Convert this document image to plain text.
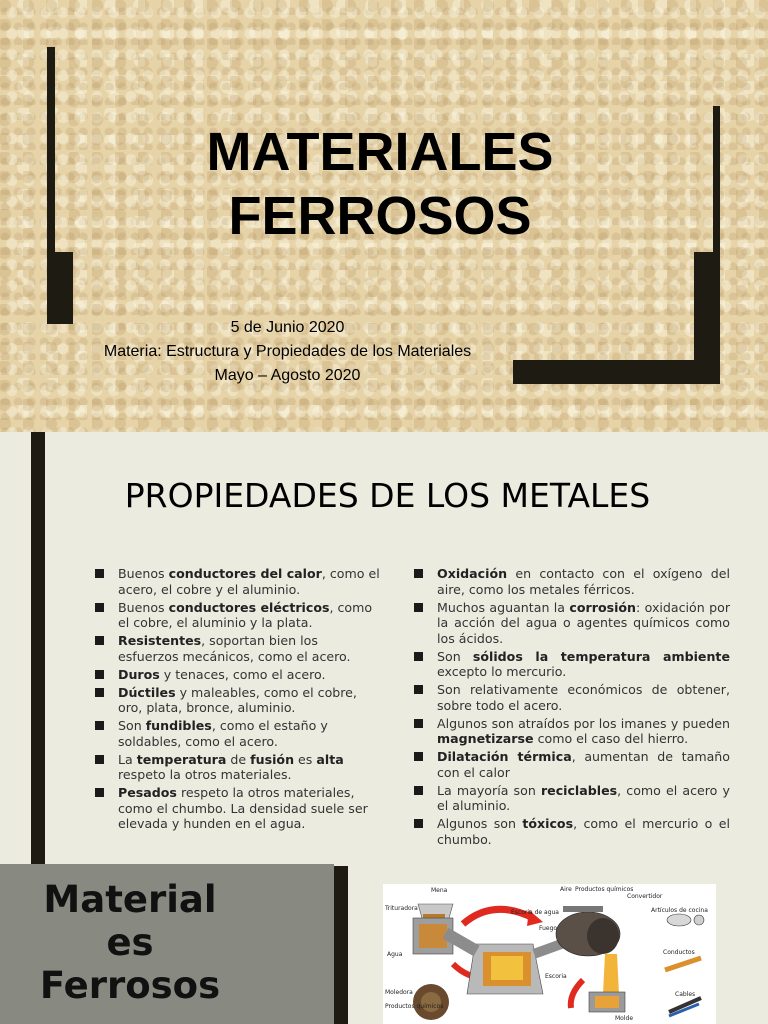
MATERIALES
FERROSOS
5 de Junio 2020
Materia: Estructura y Propiedades de los Materiales
Mayo – Agosto 2020
PROPIEDADES DE LOS METALES
Buenos conductores del calor, como el acero, el cobre y el aluminio.
Buenos conductores eléctricos, como el cobre, el aluminio y la plata.
Resistentes, soportan bien los esfuerzos mecánicos, como el acero.
Duros y tenaces, como el acero.
Dúctiles y maleables, como el cobre, oro, plata, bronce, aluminio.
Son fundibles, como el estaño y soldables, como el acero.
La temperatura de fusión es alta respeto la otros materiales.
Pesados respeto la otros materiales, como el chumbo. La densidad suele ser elevada y hunden en el agua.
Oxidación en contacto con el oxígeno del aire, como los metales férricos.
Muchos aguantan la corrosión: oxidación por la acción del agua o agentes químicos como los ácidos.
Son sólidos la temperatura ambiente excepto lo mercurio.
Son relativamente económicos de obtener, sobre todo el acero.
Algunos son atraídos por los imanes y pueden magnetizarse como el caso del hierro.
Dilatación térmica, aumentan de tamaño con el calor
La mayoría son reciclables, como el acero y el aluminio.
Algunos son tóxicos, como el mercurio o el chumbo.
Material
es
Ferrosos
Mena
Trituradora
Aire Productos químicos
Convertidor
Artículos de cocina
Agua
Escoria de agua
Fuego
Escoria
Conductos
Moledora
Productos químicos
Molde
Cables
